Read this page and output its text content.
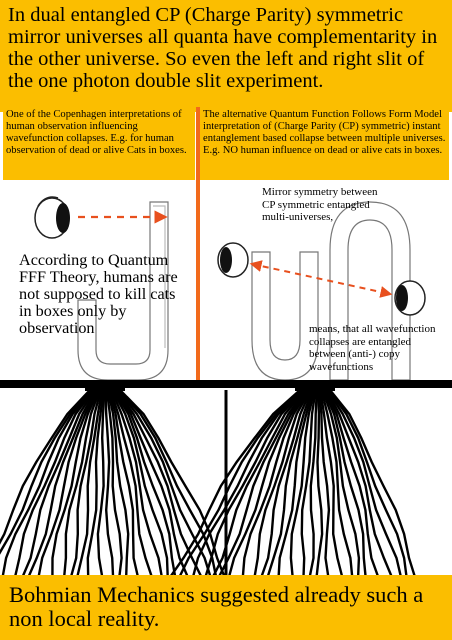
In dual entangled CP (Charge Parity) symmetric mirror universes all quanta have complementarity in the other universe. So even the left and right slit of the one photon double slit experiment.
One of the Copenhagen interpretations of human observation influencing wavefunction collapses. E.g. for human observation of dead or alive Cats in boxes.
The alternative Quantum Function Follows Form Model interpretation of (Charge Parity (CP) symmetric) instant entanglement based collapse between multiple universes. E.g. NO human influence on dead or alive cats in boxes.
According to Quantum FFF Theory, humans are not supposed to kill cats in boxes only by observation
Mirror symmetry between CP symmetric entangled multi-universes,
means, that all wavefunction collapses are entangled between (anti-) copy wavefunctions
Bohmian Mechanics suggested already such a non local reality.
